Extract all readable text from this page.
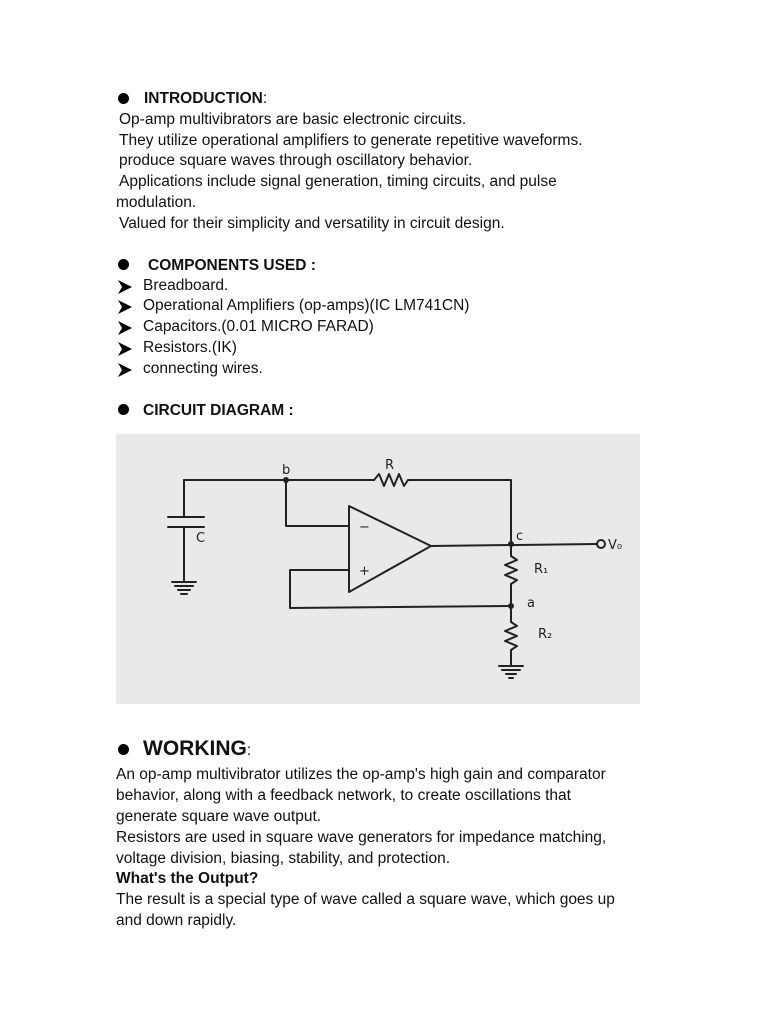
INTRODUCTION:
Op-amp multivibrators are basic electronic circuits.
They utilize operational amplifiers to generate repetitive waveforms.
produce square waves through oscillatory behavior.
Applications include signal generation, timing circuits, and pulse
modulation.
Valued for their simplicity and versatility in circuit design.
COMPONENTS USED :
Breadboard.
Operational Amplifiers (op-amps)(IC LM741CN)
Capacitors.(0.01 MICRO FARAD)
Resistors.(IK)
connecting wires.
CIRCUIT DIAGRAM :
b	R
C	c
V₀
−
+	R₁
a
R₂
WORKING:
An op-amp multivibrator utilizes the op-amp's high gain and comparator
behavior, along with a feedback network, to create oscillations that
generate square wave output.
Resistors are used in square wave generators for impedance matching,
voltage division, biasing, stability, and protection.
What's the Output?
The result is a special type of wave called a square wave, which goes up
and down rapidly.
